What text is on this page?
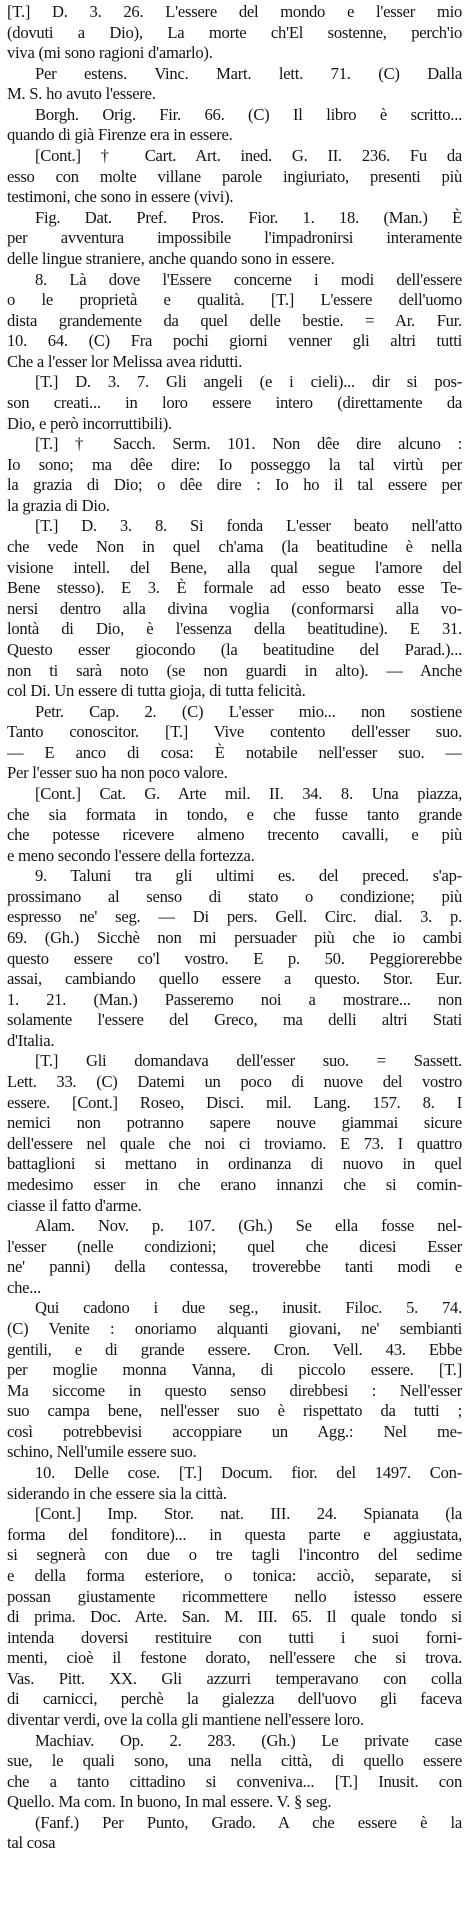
[T.] D. 3. 26. L'essere del mondo e l'esser mio
(dovuti a Dio), La morte ch'El sostenne, perch'io
viva (mi sono ragioni d'amarlo).
Per estens. Vinc. Mart. lett. 71. (C) Dalla
M. S. ho avuto l'essere.
Borgh. Orig. Fir. 66. (C) Il libro è scritto...
quando di già Firenze era in essere.
[Cont.] † Cart. Art. ined. G. II. 236. Fu da
esso con molte villane parole ingiuriato, presenti più
testimoni, che sono in essere (vivi).
Fig. Dat. Pref. Pros. Fior. 1. 18. (Man.) È
per avventura impossibile l'impadronirsi interamente
delle lingue straniere, anche quando sono in essere.
8. Là dove l'Essere concerne i modi dell'essere
o le proprietà e qualità. [T.] L'essere dell'uomo
dista grandemente da quel delle bestie. = Ar. Fur.
10. 64. (C) Fra pochi giorni venner gli altri tutti
Che a l'esser lor Melissa avea ridutti.
[T.] D. 3. 7. Gli angeli (e i cieli)... dir si pos-
son creati... in loro essere intero (direttamente da
Dio, e però incorruttibili).
[T.] † Sacch. Serm. 101. Non dêe dire alcuno :
Io sono; ma dêe dire: Io posseggo la tal virtù per
la grazia di Dio; o dêe dire : Io ho il tal essere per
la grazia di Dio.
[T.] D. 3. 8. Si fonda L'esser beato nell'atto
che vede Non in quel ch'ama (la beatitudine è nella
visione intell. del Bene, alla qual segue l'amore del
Bene stesso). E 3. È formale ad esso beato esse Te-
nersi dentro alla divina voglia (conformarsi alla vo-
lontà di Dio, è l'essenza della beatitudine). E 31.
Questo esser giocondo (la beatitudine del Parad.)...
non ti sarà noto (se non guardi in alto). — Anche
col Di. Un essere di tutta gioja, di tutta felicità.
Petr. Cap. 2. (C) L'esser mio... non sostiene
Tanto conoscitor. [T.] Vive contento dell'esser suo.
— E anco di cosa: È notabile nell'esser suo. —
Per l'esser suo ha non poco valore.
[Cont.] Cat. G. Arte mil. II. 34. 8. Una piazza,
che sia formata in tondo, e che fusse tanto grande
che potesse ricevere almeno trecento cavalli, e più
e meno secondo l'essere della fortezza.
9. Taluni tra gli ultimi es. del preced. s'ap-
prossimano al senso di stato o condizione; più
espresso ne' seg. — Di pers. Gell. Circ. dial. 3. p.
69. (Gh.) Sicchè non mi persuader più che io cambi
questo essere co'l vostro. E p. 50. Peggiorerebbe
assai, cambiando quello essere a questo. Stor. Eur.
1. 21. (Man.) Passeremo noi a mostrare... non
solamente l'essere del Greco, ma delli altri Stati
d'Italia.
[T.] Gli domandava dell'esser suo. = Sassett.
Lett. 33. (C) Datemi un poco di nuove del vostro
essere. [Cont.] Roseo, Disci. mil. Lang. 157. 8. I
nemici non potranno sapere nouve giammai sicure
dell'essere nel quale che noi ci troviamo. E 73. I quattro
battaglioni si mettano in ordinanza di nuovo in quel
medesimo esser in che erano innanzi che si comin-
ciasse il fatto d'arme.
Alam. Nov. p. 107. (Gh.) Se ella fosse nel-
l'esser (nelle condizioni; quel che dicesi Esser
ne' panni) della contessa, troverebbe tanti modi e
che...
Qui cadono i due seg., inusit. Filoc. 5. 74.
(C) Venite : onoriamo alquanti giovani, ne' sembianti
gentili, e di grande essere. Cron. Vell. 43. Ebbe
per moglie monna Vanna, di piccolo essere. [T.]
Ma siccome in questo senso direbbesi : Nell'esser
suo campa bene, nell'esser suo è rispettato da tutti ;
così potrebbevisi accoppiare un Agg.: Nel me-
schino, Nell'umile essere suo.
10. Delle cose. [T.] Docum. fior. del 1497. Con-
siderando in che essere sia la città.
[Cont.] Imp. Stor. nat. III. 24. Spianata (la
forma del fonditore)... in questa parte e aggiustata,
si segnerà con due o tre tagli l'incontro del sedime
e della forma esteriore, o tonica: acciò, separate, si
possan giustamente ricommettere nello istesso essere
di prima. Doc. Arte. San. M. III. 65. Il quale tondo si
intenda doversi restituire con tutti i suoi forni-
menti, cioè il festone dorato, nell'essere che si trova.
Vas. Pitt. XX. Gli azzurri temperavano con colla
di carnicci, perchè la gialezza dell'uovo gli faceva
diventar verdi, ove la colla gli mantiene nell'essere loro.
Machiav. Op. 2. 283. (Gh.) Le private case
sue, le quali sono, una nella città, di quello essere
che a tanto cittadino si conveniva... [T.] Inusit. con
Quello. Ma com. In buono, In mal essere. V. § seg.
(Fanf.) Per Punto, Grado. A che essere è la
tal cosa
